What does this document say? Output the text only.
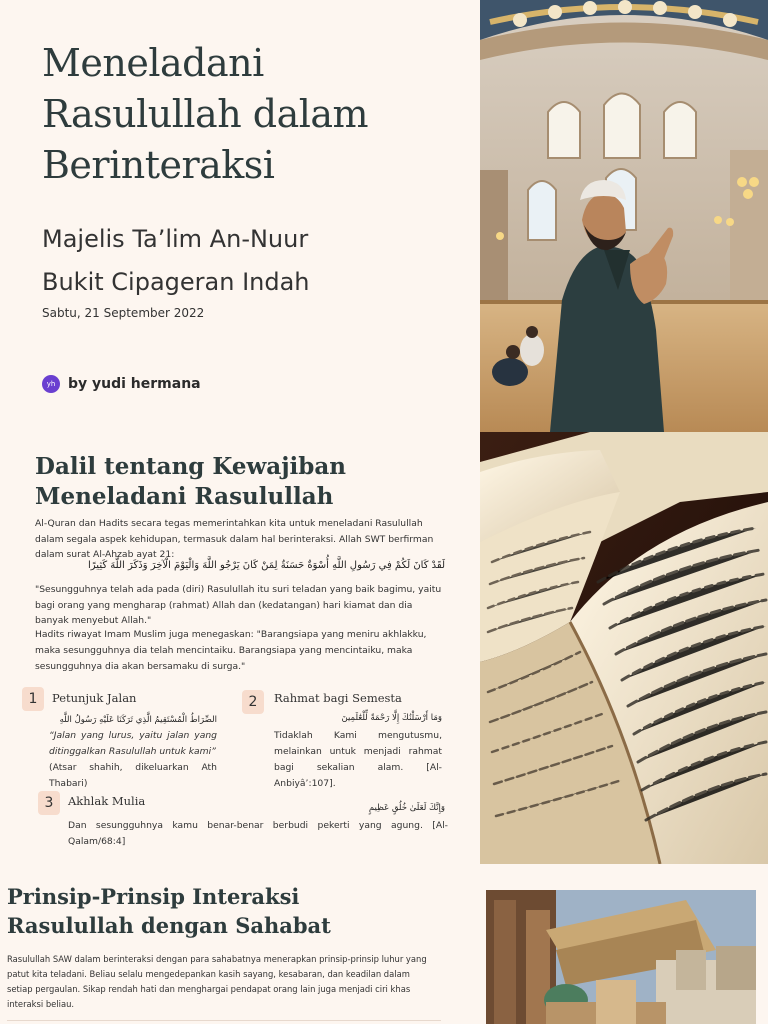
Meneladani Rasulullah dalam Berinteraksi
Majelis Ta’lim An-Nuur
Bukit Cipageran Indah
Sabtu, 21 September 2022
yh by yudi hermana
Dalil tentang Kewajiban Meneladani Rasulullah

Al-Quran dan Hadits secara tegas memerintahkan kita untuk meneladani Rasulullah dalam segala aspek kehidupan, termasuk dalam hal berinteraksi. Allah SWT berfirman dalam surat Al-Ahzab ayat 21:

لَقَدْ كَانَ لَكُمْ فِي رَسُولِ اللَّهِ أُسْوَةٌ حَسَنَةٌ لِمَنْ كَانَ يَرْجُو اللَّهَ وَالْيَوْمَ الْآخِرَ وَذَكَرَ اللَّهَ كَثِيرًا

"Sesungguhnya telah ada pada (diri) Rasulullah itu suri teladan yang baik bagimu, yaitu bagi orang yang mengharap (rahmat) Allah dan (kedatangan) hari kiamat dan dia banyak menyebut Allah."

Hadits riwayat Imam Muslim juga menegaskan: "Barangsiapa yang meniru akhlakku, maka sesungguhnya dia telah mencintaiku. Barangsiapa yang mencintaiku, maka sesungguhnya dia akan bersamaku di surga."

1	Petunjuk Jalan
الصِّرَاطُ الْمُسْتَقِيمُ الَّذِي تَرَكَنَا عَلَيْهِ رَسُولُ اللَّهِ
“Jalan yang lurus, yaitu jalan yang ditinggalkan Rasulullah untuk kami”
(Atsar shahih, dikeluarkan Ath Thabari)
2	Rahmat bagi Semesta
وَمَا أَرْسَلْنَٰكَ إِلَّا رَحْمَةً لِّلْعَٰلَمِينَ
Tidaklah Kami mengutusmu, melainkan untuk menjadi rahmat bagi sekalian alam. [Al-Anbiyâ’:107].
3	Akhlak Mulia	وَإِنَّكَ لَعَلَىٰ خُلُقٍ عَظِيمٍ
Dan sesungguhnya kamu benar-benar berbudi pekerti yang agung. [Al-Qalam/68:4]
Prinsip-Prinsip Interaksi Rasulullah dengan Sahabat

Rasulullah SAW dalam berinteraksi dengan para sahabatnya menerapkan prinsip-prinsip luhur yang patut kita teladani. Beliau selalu mengedepankan kasih sayang, kesabaran, dan keadilan dalam setiap pergaulan. Sikap rendah hati dan menghargai pendapat orang lain juga menjadi ciri khas interaksi beliau.
